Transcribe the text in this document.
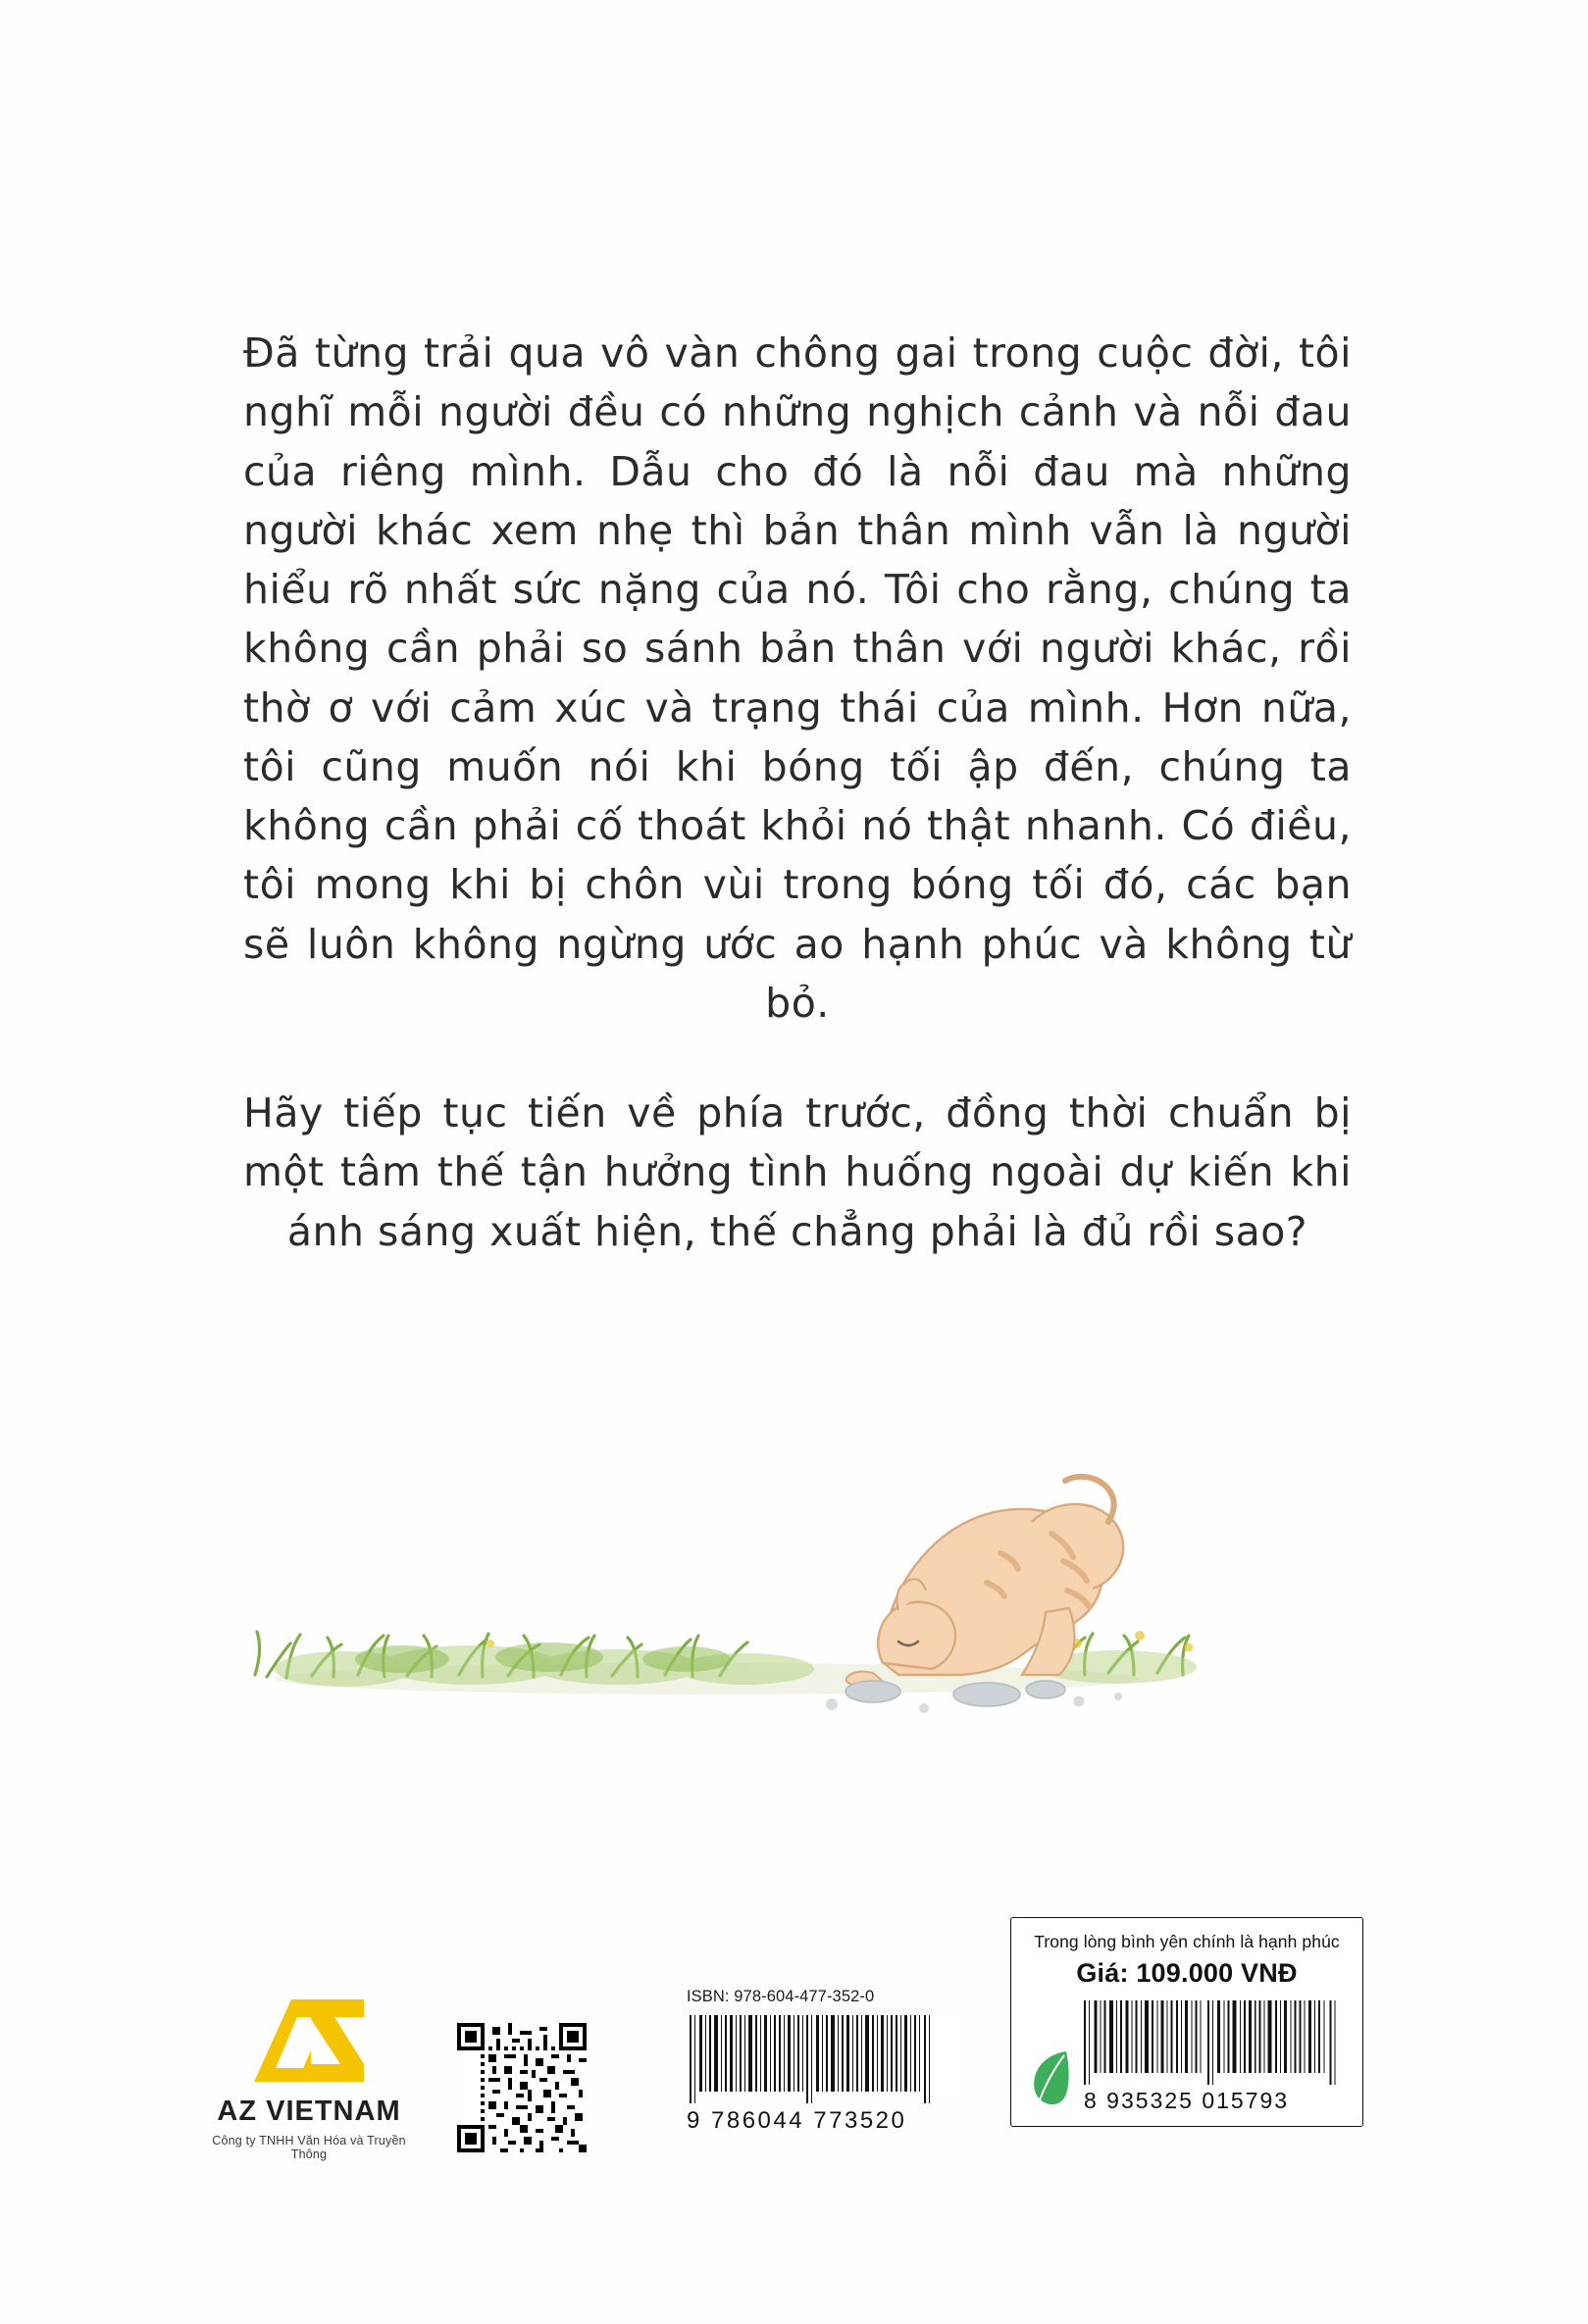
Đã từng trải qua vô vàn chông gai trong cuộc đời, tôi nghĩ mỗi người đều có những nghịch cảnh và nỗi đau của riêng mình. Dẫu cho đó là nỗi đau mà những người khác xem nhẹ thì bản thân mình vẫn là người hiểu rõ nhất sức nặng của nó. Tôi cho rằng, chúng ta không cần phải so sánh bản thân với người khác, rồi thờ ơ với cảm xúc và trạng thái của mình. Hơn nữa, tôi cũng muốn nói khi bóng tối ập đến, chúng ta không cần phải cố thoát khỏi nó thật nhanh. Có điều, tôi mong khi bị chôn vùi trong bóng tối đó, các bạn sẽ luôn không ngừng ước ao hạnh phúc và không từ bỏ.

Hãy tiếp tục tiến về phía trước, đồng thời chuẩn bị một tâm thế tận hưởng tình huống ngoài dự kiến khi ánh sáng xuất hiện, thế chẳng phải là đủ rồi sao?

AZ VIETNAM
Công ty TNHH Văn Hóa và Truyền Thông
ISBN: 978-604-477-352-0
9 786044 773520
Trong lòng bình yên chính là hạnh phúc
Giá: 109.000 VNĐ
8 935325 015793
